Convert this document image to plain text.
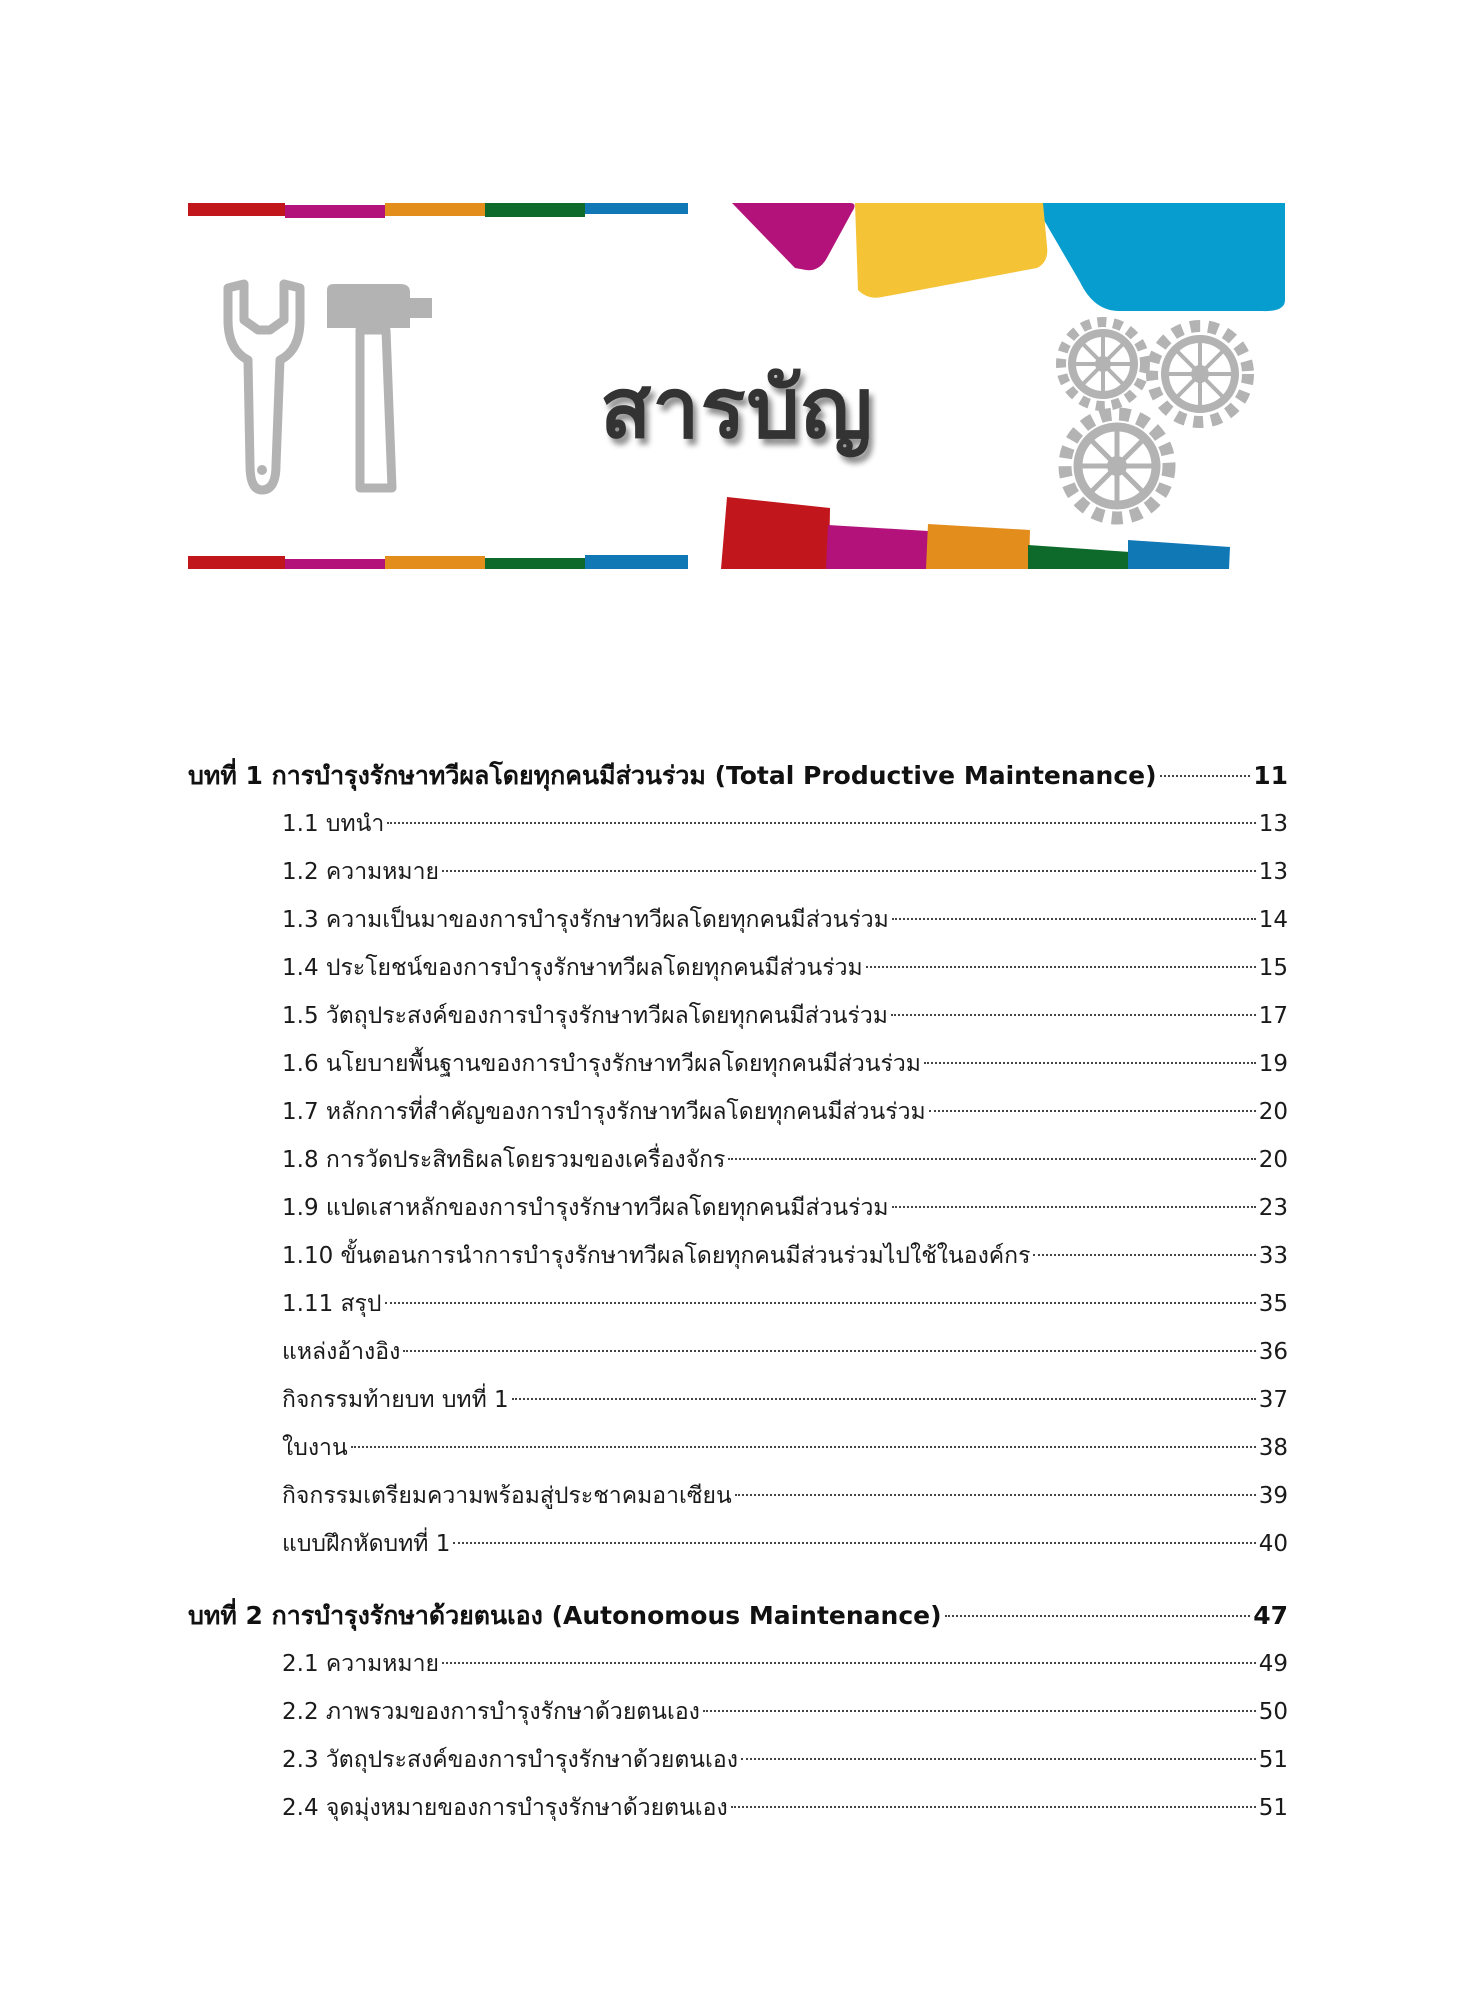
สารบัญ
บทที่ 1 การบำรุงรักษาทวีผลโดยทุกคนมีส่วนร่วม (Total Productive Maintenance)	11
1.1 บทนำ	13
1.2 ความหมาย	13
1.3 ความเป็นมาของการบำรุงรักษาทวีผลโดยทุกคนมีส่วนร่วม	14
1.4 ประโยชน์ของการบำรุงรักษาทวีผลโดยทุกคนมีส่วนร่วม	15
1.5 วัตถุประสงค์ของการบำรุงรักษาทวีผลโดยทุกคนมีส่วนร่วม	17
1.6 นโยบายพื้นฐานของการบำรุงรักษาทวีผลโดยทุกคนมีส่วนร่วม	19
1.7 หลักการที่สำคัญของการบำรุงรักษาทวีผลโดยทุกคนมีส่วนร่วม	20
1.8 การวัดประสิทธิผลโดยรวมของเครื่องจักร	20
1.9 แปดเสาหลักของการบำรุงรักษาทวีผลโดยทุกคนมีส่วนร่วม	23
1.10 ขั้นตอนการนำการบำรุงรักษาทวีผลโดยทุกคนมีส่วนร่วมไปใช้ในองค์กร	33
1.11 สรุป	35
แหล่งอ้างอิง	36
กิจกรรมท้ายบท บทที่ 1	37
ใบงาน	38
กิจกรรมเตรียมความพร้อมสู่ประชาคมอาเซียน	39
แบบฝึกหัดบทที่ 1	40
บทที่ 2 การบำรุงรักษาด้วยตนเอง (Autonomous Maintenance)	47
2.1 ความหมาย	49
2.2 ภาพรวมของการบำรุงรักษาด้วยตนเอง	50
2.3 วัตถุประสงค์ของการบำรุงรักษาด้วยตนเอง	51
2.4 จุดมุ่งหมายของการบำรุงรักษาด้วยตนเอง	51
